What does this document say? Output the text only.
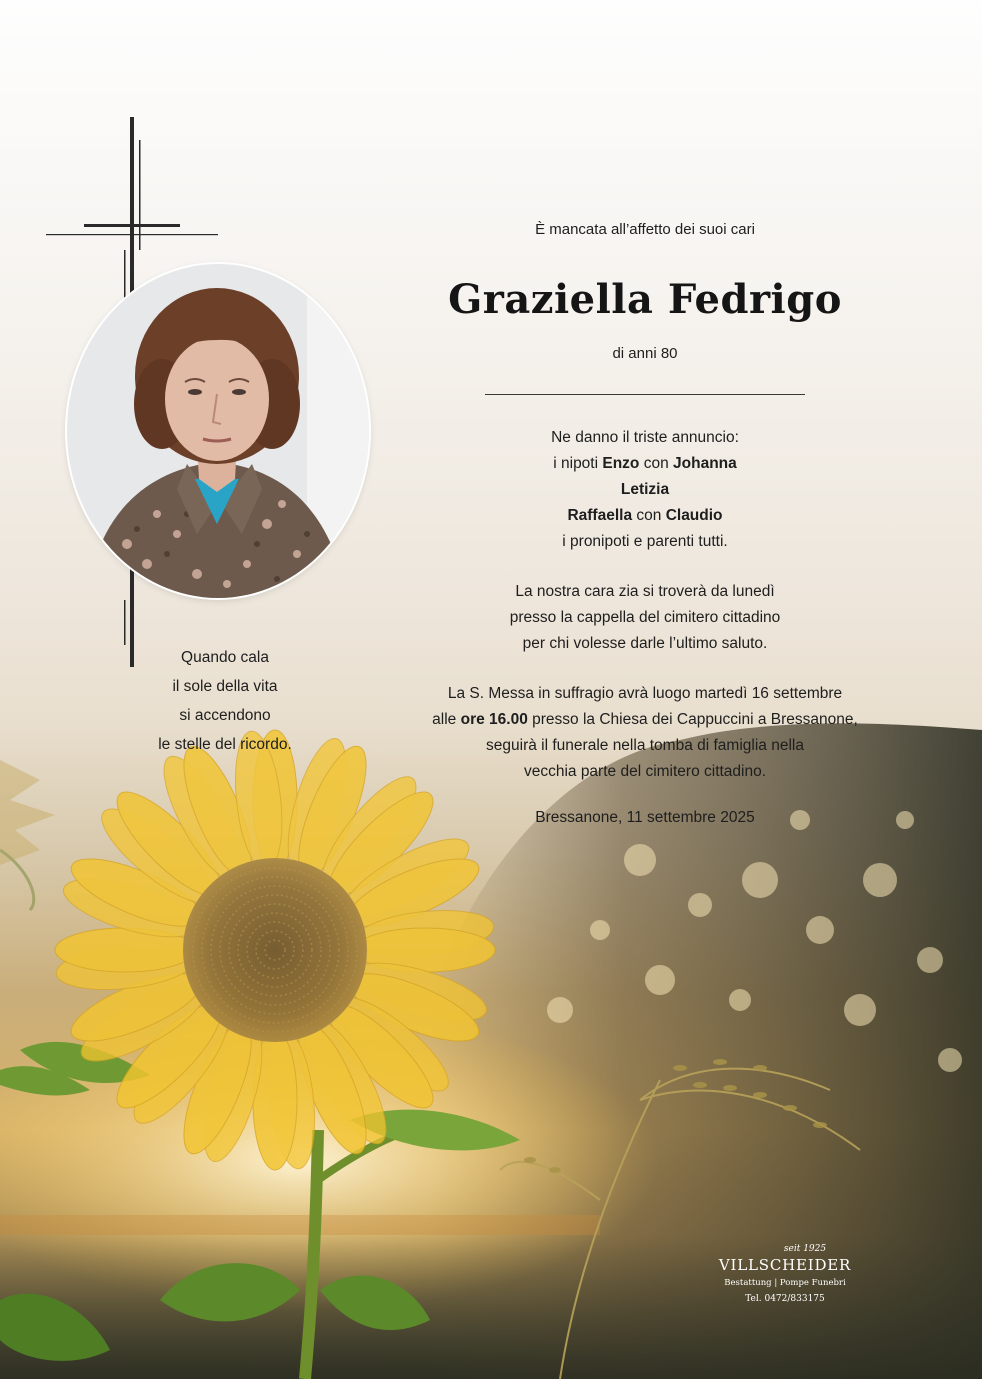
Quando cala
il sole della vita
si accendono
le stelle del ricordo.
È mancata all’affetto dei suoi cari
Graziella Fedrigo
di anni 80
Ne danno il triste annuncio:
i nipoti Enzo con Johanna
Letizia
Raffaella con Claudio
i pronipoti e parenti tutti.
La nostra cara zia si troverà da lunedì
presso la cappella del cimitero cittadino
per chi volesse darle l’ultimo saluto.
La S. Messa in suffragio avrà luogo martedì 16 settembre
alle ore 16.00 presso la Chiesa dei Cappuccini a Bressanone,
seguirà il funerale nella tomba di famiglia nella
vecchia parte del cimitero cittadino.
Bressanone, 11 settembre 2025
seit 1925
VILLSCHEIDER
Bestattung | Pompe Funebri
Tel. 0472/833175
